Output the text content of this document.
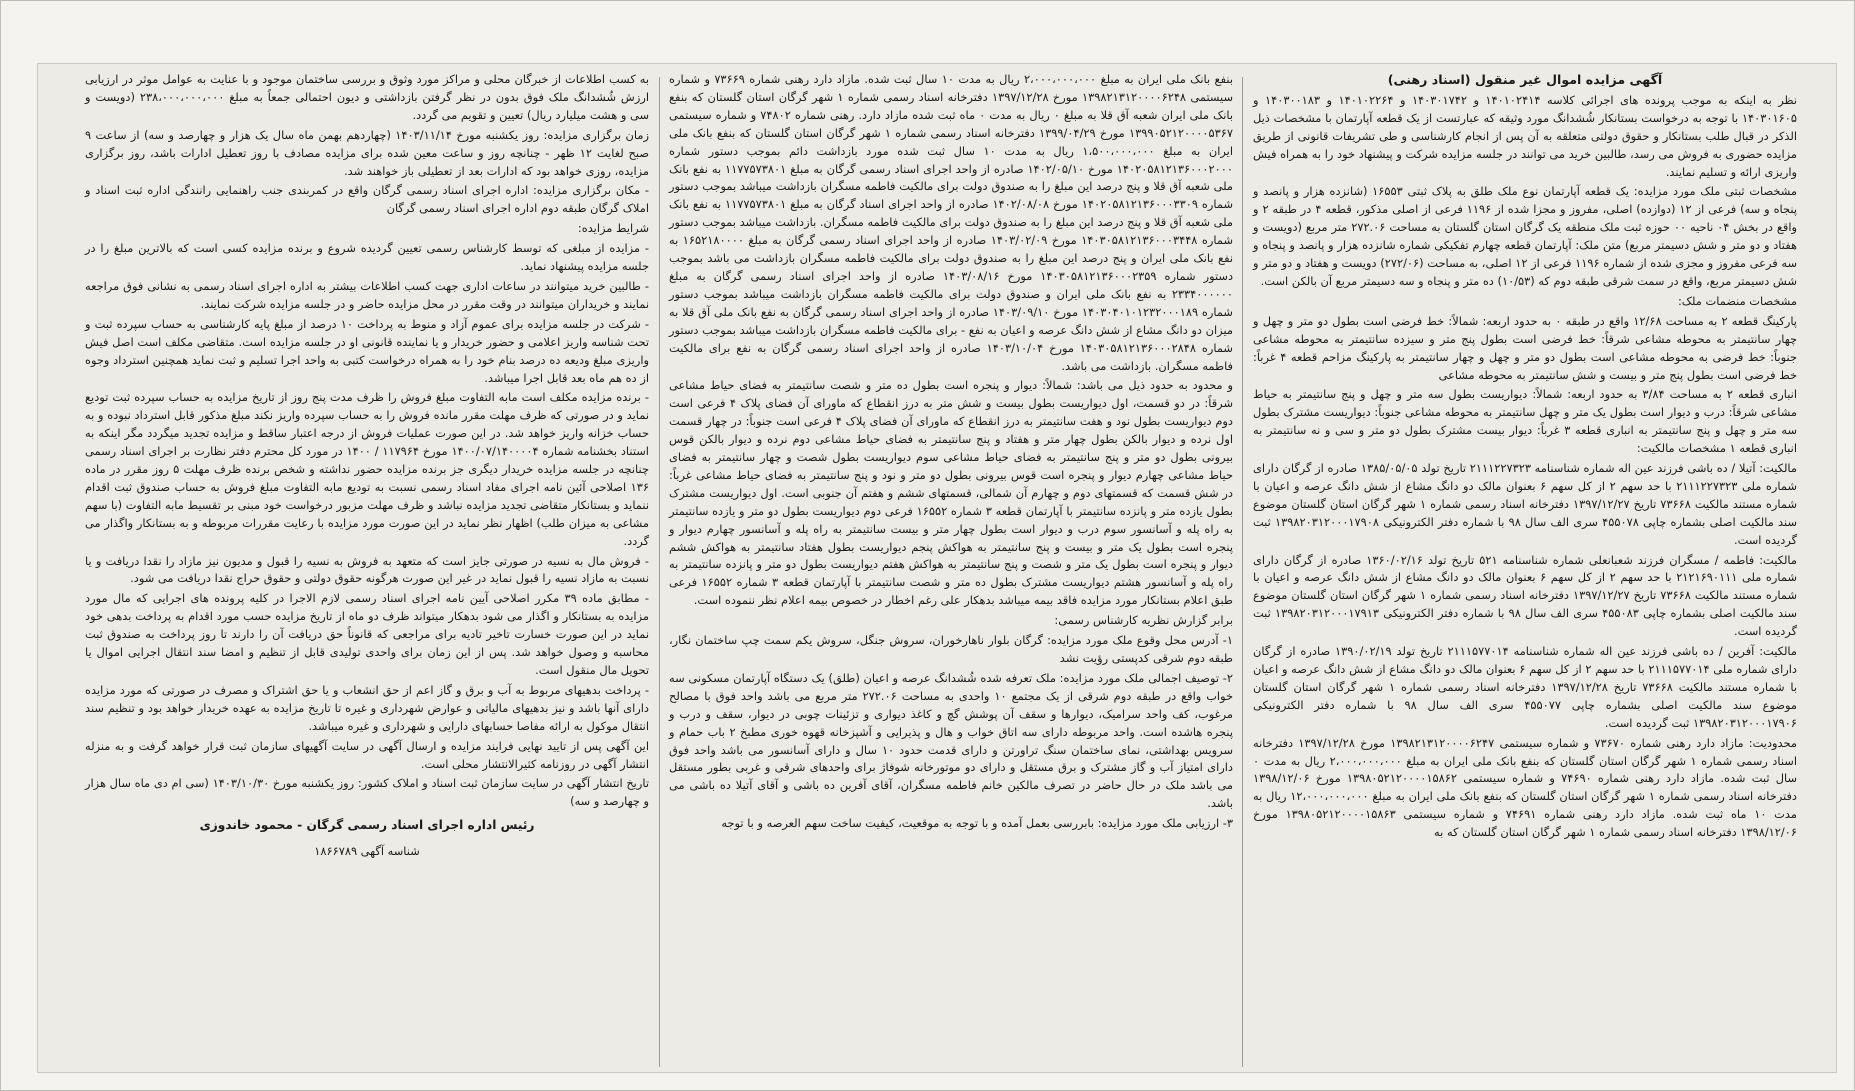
آگهی مزایده اموال غیر منقول (اسناد رهنی)
نظر به اینکه به موجب پرونده های اجرائی کلاسه ۱۴۰۱۰۲۴۱۴ و ۱۴۰۳۰۱۷۴۲ و ۱۴۰۱۰۲۲۶۴ و ۱۴۰۳۰۰۱۸۳ و ۱۴۰۳۰۱۶۰۵ با توجه به درخواست بستانکار شُشدانگ مورد وثیقه که عبارتست از یک قطعه آپارتمان با مشخصات ذیل الذکر در قبال طلب بستانکار و حقوق دولتی متعلقه به آن پس از انجام کارشناسی و طی تشریفات قانونی از طریق مزایده حضوری به فروش می رسد، طالبین خرید می توانند در جلسه مزایده شرکت و پیشنهاد خود را به همراه فیش واریزی ارائه و تسلیم نمایند.
مشخصات ثبتی ملک مورد مزایده: یک قطعه آپارتمان نوع ملک طلق به پلاک ثبتی ۱۶۵۵۳ (شانزده هزار و پانصد و پنجاه و سه) فرعی از ۱۲ (دوازده) اصلی، مفروز و مجزا شده از ۱۱۹۶ فرعی از اصلی مذکور، قطعه ۴ در طبقه ۲ و واقع در بخش ۰۴ ناحیه ۰۰ حوزه ثبت ملک منطقه یک گرگان استان گلستان به مساحت ۲۷۲.۰۶ متر مربع (دویست و هفتاد و دو متر و شش دسیمتر مربع) متن ملک: آپارتمان قطعه چهارم تفکیکی شماره شانزده هزار و پانصد و پنجاه و سه فرعی مفروز و مجزی شده از شماره ۱۱۹۶ فرعی از ۱۲ اصلی، به مساحت (۲۷۲/۰۶) دویست و هفتاد و دو متر و شش دسیمتر مربع، واقع در سمت شرقی طبقه دوم که (۱۰/۵۳) ده متر و پنجاه و سه دسیمتر مربع آن بالکن است.
مشخصات منضمات ملک:
پارکینگ قطعه ۲ به مساحت ۱۲/۶۸ واقع در طبقه ۰ به حدود اربعه: شمالاً: خط فرضی است بطول دو متر و چهل و چهار سانتیمتر به محوطه مشاعی شرقاً: خط فرضی است بطول پنج متر و سیزده سانتیمتر به محوطه مشاعی جنوباً: خط فرضی به محوطه مشاعی است بطول دو متر و چهل و چهار سانتیمتر به پارکینگ مزاحم قطعه ۴ غرباً: خط فرضی است بطول پنج متر و بیست و شش سانتیمتر به محوطه مشاعی
انباری قطعه ۲ به مساحت ۳/۸۴ به حدود اربعه: شمالاً: دیواریست بطول سه متر و چهل و پنج سانتیمتر به حیاط مشاعی شرقاً: درب و دیوار است بطول یک متر و چهل سانتیمتر به محوطه مشاعی جنوباً: دیواریست مشترک بطول سه متر و چهل و پنج سانتیمتر به انباری قطعه ۳ غرباً: دیوار بیست مشترک بطول دو متر و سی و نه سانتیمتر به انباری قطعه ۱ مشخصات مالکیت:
مالکیت: آتیلا / ده باشی فرزند عین اله شماره شناسنامه ۲۱۱۱۲۲۷۳۲۳ تاریخ تولد ۱۳۸۵/۰۵/۰۵ صادره از گرگان دارای شماره ملی ۲۱۱۱۲۲۷۳۲۳ با حد سهم ۲ از کل سهم ۶ بعنوان مالک دو دانگ مشاع از شش دانگ عرصه و اعیان با شماره مستند مالکیت ۷۳۶۶۸ تاریخ ۱۳۹۷/۱۲/۲۷ دفترخانه اسناد رسمی شماره ۱ شهر گرگان استان گلستان موضوع سند مالکیت اصلی بشماره چاپی ۴۵۵۰۷۸ سری الف سال ۹۸ با شماره دفتر الکترونیکی ۱۳۹۸۲۰۳۱۲۰۰۰۱۷۹۰۸ ثبت گردیده است.
مالکیت: فاطمه / مسگران فرزند شعبانعلی شماره شناسنامه ۵۲۱ تاریخ تولد ۱۳۶۰/۰۲/۱۶ صادره از گرگان دارای شماره ملی ۲۱۲۱۶۹۰۱۱۱ با حد سهم ۲ از کل سهم ۶ بعنوان مالک دو دانگ مشاع از شش دانگ عرصه و اعیان با شماره مستند مالکیت ۷۳۶۶۸ تاریخ ۱۳۹۷/۱۲/۲۷ دفترخانه اسناد رسمی شماره ۱ شهر گرگان استان گلستان موضوع سند مالکیت اصلی بشماره چاپی ۴۵۵۰۸۳ سری الف سال ۹۸ با شماره دفتر الکترونیکی ۱۳۹۸۲۰۳۱۲۰۰۰۱۷۹۱۳ ثبت گردیده است.
مالکیت: آفرین / ده باشی فرزند عین اله شماره شناسنامه ۲۱۱۱۵۷۷۰۱۴ تاریخ تولد ۱۳۹۰/۰۲/۱۹ صادره از گرگان دارای شماره ملی ۲۱۱۱۵۷۷۰۱۴ با حد سهم ۲ از کل سهم ۶ بعنوان مالک دو دانگ مشاع از شش دانگ عرصه و اعیان با شماره مستند مالکیت ۷۳۶۶۸ تاریخ ۱۳۹۷/۱۲/۲۸ دفترخانه اسناد رسمی شماره ۱ شهر گرگان استان گلستان موضوع سند مالکیت اصلی بشماره چاپی ۴۵۵۰۷۷ سری الف سال ۹۸ با شماره دفتر الکترونیکی ۱۳۹۸۲۰۳۱۲۰۰۰۱۷۹۰۶ ثبت گردیده است.
محدودیت: مازاد دارد رهنی شماره ۷۳۶۷۰ و شماره سیستمی ۱۳۹۸۲۱۳۱۲۰۰۰۰۶۲۴۷ مورخ ۱۳۹۷/۱۲/۲۸ دفترخانه اسناد رسمی شماره ۱ شهر گرگان استان گلستان که بنفع بانک ملی ایران به مبلغ ۲،۰۰۰،۰۰۰،۰۰۰ ریال به مدت ۰ سال ثبت شده. مازاد دارد رهنی شماره ۷۴۶۹۰ و شماره سیستمی ۱۳۹۸۰۵۲۱۲۰۰۰۰۱۵۸۶۲ مورخ ۱۳۹۸/۱۲/۰۶ دفترخانه اسناد رسمی شماره ۱ شهر گرگان استان گلستان که بنفع بانک ملی ایران به مبلغ ۱۲،۰۰۰،۰۰۰،۰۰۰ ریال به مدت ۱۰ ماه ثبت شده. مازاد دارد رهنی شماره ۷۴۶۹۱ و شماره سیستمی ۱۳۹۸۰۵۲۱۲۰۰۰۰۱۵۸۶۳ مورخ ۱۳۹۸/۱۲/۰۶ دفترخانه اسناد رسمی شماره ۱ شهر گرگان استان گلستان که به
بنفع بانک ملی ایران به مبلغ ۲،۰۰۰،۰۰۰،۰۰۰ ریال به مدت ۱۰ سال ثبت شده. مازاد دارد رهنی شماره ۷۳۶۶۹ و شماره سیستمی ۱۳۹۸۲۱۳۱۲۰۰۰۰۶۲۴۸ مورخ ۱۳۹۷/۱۲/۲۸ دفترخانه اسناد رسمی شماره ۱ شهر گرگان استان گلستان که بنفع بانک ملی ایران شعبه آق قلا به مبلغ ۰ ریال به مدت ۰ ماه ثبت شده مازاد دارد. رهنی شماره ۷۴۸۰۲ و شماره سیستمی ۱۳۹۹۰۵۲۱۲۰۰۰۰۵۳۶۷ مورخ ۱۳۹۹/۰۴/۲۹ دفترخانه اسناد رسمی شماره ۱ شهر گرگان استان گلستان که بنفع بانک ملی ایران به مبلغ ۱،۵۰۰،۰۰۰،۰۰۰ ریال به مدت ۱۰ سال ثبت شده مورد بازداشت دائم بموجب دستور شماره ۱۴۰۲۰۵۸۱۲۱۳۶۰۰۰۲۰۰۰ مورخ ۱۴۰۲/۰۵/۱۰ صادره از واحد اجرای اسناد رسمی گرگان به مبلغ ۱۱۷۷۵۷۳۸۰۱ به نفع بانک ملی شعبه آق قلا و پنج درصد این مبلغ را به صندوق دولت برای مالکیت فاطمه مسگران بازداشت میباشد بموجب دستور شماره ۱۴۰۲۰۵۸۱۲۱۳۶۰۰۰۳۳۰۹ مورخ ۱۴۰۲/۰۸/۰۸ صادره از واحد اجرای اسناد گرگان به مبلغ ۱۱۷۷۵۷۳۸۰۱ به نفع بانک ملی شعبه آق قلا و پنج درصد این مبلغ را به صندوق دولت برای مالکیت فاطمه مسگران. بازداشت میباشد بموجب دستور شماره ۱۴۰۳۰۵۸۱۲۱۳۶۰۰۰۳۴۴۸ مورخ ۱۴۰۳/۰۲/۰۹ صادره از واحد اجرای اسناد رسمی گرگان به مبلغ ۱۶۵۲۱۸۰۰۰۰ به نفع بانک ملی ایران و پنج درصد این مبلغ را به صندوق دولت برای مالکیت فاطمه مسگران بازداشت می باشد بموجب دستور شماره ۱۴۰۳۰۵۸۱۲۱۳۶۰۰۰۲۳۵۹ مورخ ۱۴۰۳/۰۸/۱۶ صادره از واحد اجرای اسناد رسمی گرگان به مبلغ ۲۳۳۴۰۰۰۰۰۰ به نفع بانک ملی ایران و صندوق دولت برای مالکیت فاطمه مسگران بازداشت میباشد بموجب دستور شماره ۱۴۰۳۰۴۰۱۰۱۲۳۲۰۰۰۱۸۹ مورخ ۱۴۰۳/۰۹/۱۰ صادره از واحد اجرای اسناد رسمی گرگان به نفع بانک ملی آق قلا به میزان دو دانگ مشاع از شش دانگ عرصه و اعیان به نفع - برای مالکیت فاطمه مسگران بازداشت میباشد بموجب دستور شماره ۱۴۰۳۰۵۸۱۲۱۳۶۰۰۰۲۸۴۸ مورخ ۱۴۰۳/۱۰/۰۴ صادره از واحد اجرای اسناد رسمی گرگان به نفع برای مالکیت فاطمه مسگران. بازداشت می باشد.
و محدود به حدود ذیل می باشد: شمالاً: دیوار و پنجره است بطول ده متر و شصت سانتیمتر به فضای حیاط مشاعی شرقاً: در دو قسمت، اول دیواریست بطول بیست و شش متر به درز انقطاع که ماورای آن فضای پلاک ۴ فرعی است دوم دیواریست بطول نود و هفت سانتیمتر به درز انقطاع که ماورای آن فضای پلاک ۴ فرعی است جنوباً: در چهار قسمت اول نرده و دیوار بالکن بطول چهار متر و هفتاد و پنج سانتیمتر به فضای حیاط مشاعی دوم نرده و دیوار بالکن قوس بیرونی بطول دو متر و پنج سانتیمتر به فضای حیاط مشاعی سوم دیواریست بطول شصت و چهار سانتیمتر به فضای حیاط مشاعی چهارم دیوار و پنجره است قوس بیرونی بطول دو متر و نود و پنج سانتیمتر به فضای حیاط مشاعی غرباً: در شش قسمت که قسمتهای دوم و چهارم آن شمالی، قسمتهای ششم و هفتم آن جنوبی است. اول دیواریست مشترک بطول یازده متر و پانزده سانتیمتر با آپارتمان قطعه ۳ شماره ۱۶۵۵۲ فرعی دوم دیواریست بطول دو متر و یازده سانتیمتر به راه پله و آسانسور سوم درب و دیوار است بطول چهار متر و بیست سانتیمتر به راه پله و آسانسور چهارم دیوار و پنجره است بطول یک متر و بیست و پنج سانتیمتر به هواکش پنجم دیواریست بطول هفتاد سانتیمتر به هواکش ششم دیوار و پنجره است بطول یک متر و شصت و پنج سانتیمتر به هواکش هفتم دیواریست بطول دو متر و پانزده سانتیمتر به راه پله و آسانسور هشتم دیواریست مشترک بطول ده متر و شصت سانتیمتر با آپارتمان قطعه ۳ شماره ۱۶۵۵۲ فرعی طبق اعلام بستانکار مورد مزایده فاقد بیمه میباشد بدهکار علی رغم اخطار در خصوص بیمه اعلام نظر ننموده است.
برابر گزارش نظریه کارشناس رسمی:
۱- آدرس محل وقوع ملک مورد مزایده: گرگان بلوار ناهارخوران، سروش جنگل، سروش یکم سمت چپ ساختمان نگار، طبقه دوم شرقی کدپستی رؤیت نشد
۲- توصیف اجمالی ملک مورد مزایده: ملک تعرفه شده شُشدانگ عرصه و اعیان (طلق) یک دستگاه آپارتمان مسکونی سه خواب واقع در طبقه دوم شرقی از یک مجتمع ۱۰ واحدی به مساحت ۲۷۲.۰۶ متر مربع می باشد واحد فوق با مصالح مرغوب، کف واحد سرامیک، دیوارها و سقف آن پوشش گچ و کاغذ دیواری و تزئینات چوبی در دیوار، سقف و درب و پنجره هاشده است. واحد مربوطه دارای سه اتاق خواب و هال و پذیرایی و آشپزخانه قهوه خوری مطبخ ۲ باب حمام و سرویس بهداشتی، نمای ساختمان سنگ تراورتن و دارای قدمت حدود ۱۰ سال و دارای آسانسور می باشد واحد فوق دارای امتیاز آب و گاز مشترک و برق مستقل و دارای دو موتورخانه شوفاژ برای واحدهای شرقی و غربی بطور مستقل می باشد ملک در حال حاضر در تصرف مالکین خانم فاطمه مسگران، آقای آفرین ده باشی و آقای آتیلا ده باشی می باشد.
۳- ارزیابی ملک مورد مزایده: بابررسی بعمل آمده و با توجه به موقعیت، کیفیت ساخت سهم العرصه و با توجه
به کسب اطلاعات از خبرگان محلی و مراکز مورد وثوق و بررسی ساختمان موجود و با عنایت به عوامل موثر در ارزیابی ارزش شُشدانگ ملک فوق بدون در نظر گرفتن بازداشتی و دیون احتمالی جمعاً به مبلغ ۲۳۸،۰۰۰،۰۰۰،۰۰۰ (دویست و سی و هشت میلیارد ریال) تعیین و تقویم می گردد.
زمان برگزاری مزایده: روز یکشنبه مورخ ۱۴۰۳/۱۱/۱۴ (چهاردهم بهمن ماه سال یک هزار و چهارصد و سه) از ساعت ۹ صبح لغایت ۱۲ ظهر - چنانچه روز و ساعت معین شده برای مزایده مصادف با روز تعطیل ادارات باشد، روز برگزاری مزایده، روزی خواهد بود که ادارات بعد از تعطیلی باز خواهند شد.
- مکان برگزاری مزایده: اداره اجرای اسناد رسمی گرگان واقع در کمربندی جنب راهنمایی رانندگی اداره ثبت اسناد و املاک گرگان طبقه دوم اداره اجرای اسناد رسمی گرگان
شرایط مزایده:
- مزایده از مبلغی که توسط کارشناس رسمی تعیین گردیده شروع و برنده مزایده کسی است که بالاترین مبلغ را در جلسه مزایده پیشنهاد نماید.
- طالبین خرید میتوانند در ساعات اداری جهت کسب اطلاعات بیشتر به اداره اجرای اسناد رسمی به نشانی فوق مراجعه نمایند و خریداران میتوانند در وقت مقرر در محل مزایده حاضر و در جلسه مزایده شرکت نمایند.
- شرکت در جلسه مزایده برای عموم آزاد و منوط به پرداخت ۱۰ درصد از مبلغ پایه کارشناسی به حساب سپرده ثبت و تحت شناسه واریز اعلامی و حضور خریدار و یا نماینده قانونی او در جلسه مزایده است. متقاضی مکلف است اصل فیش واریزی مبلغ ودیعه ده درصد بنام خود را به همراه درخواست کتبی به واحد اجرا تسلیم و ثبت نماید همچنین استرداد وجوه از ده هم ماه بعد قابل اجرا میباشد.
- برنده مزایده مکلف است مابه التفاوت مبلغ فروش را ظرف مدت پنج روز از تاریخ مزایده به حساب سپرده ثبت تودیع نماید و در صورتی که ظرف مهلت مقرر مانده فروش را به حساب سپرده واریز نکند مبلغ مذکور قابل استرداد نبوده و به حساب خزانه واریز خواهد شد. در این صورت عملیات فروش از درجه اعتبار ساقط و مزایده تجدید میگردد مگر اینکه به استناد بخشنامه شماره ۱۴۰۰/۰۷/۱۴۰۰۰۰۴ مورخ ۱۱۷۹۶۴ / ۱۴۰۰ در مورد کل محترم دفتر نظارت بر اجرای اسناد رسمی چنانچه در جلسه مزایده خریدار دیگری جز برنده مزایده حضور نداشته و شخص برنده ظرف مهلت ۵ روز مقرر در ماده ۱۳۶ اصلاحی آئین نامه اجرای مفاد اسناد رسمی نسبت به تودیع مابه التفاوت مبلغ فروش به حساب صندوق ثبت اقدام ننماید و بستانکار متقاضی تجدید مزایده نباشد و ظرف مهلت مزبور درخواست خود مبنی بر تقسیط مابه التفاوت (با سهم مشاعی به میزان طلب) اظهار نظر نماید در این صورت مورد مزایده با رعایت مقررات مربوطه و به بستانکار واگذار می گردد.
- فروش مال به نسیه در صورتی جایز است که متعهد به فروش به نسیه را قبول و مدیون نیز مازاد را نقدا دریافت و یا نسبت به مازاد نسیه را قبول نماید در غیر این صورت هرگونه حقوق دولتی و حقوق حراج نقدا دریافت می شود.
- مطابق ماده ۳۹ مکرر اصلاحی آیین نامه اجرای اسناد رسمی لازم الاجرا در کلیه پرونده های اجرایی که مال مورد مزایده به بستانکار و اگذار می شود بدهکار میتواند ظرف دو ماه از تاریخ مزایده حسب مورد اقدام به پرداخت بدهی خود نماید در این صورت خسارت تاخیر تادیه برای مراجعی که قانوناً حق دریافت آن را دارند تا روز پرداخت به صندوق ثبت محاسبه و وصول خواهد شد. پس از این زمان برای واحدی تولیدی قابل از تنظیم و امضا سند انتقال اجرایی اموال یا تحویل مال منقول است.
- پرداخت بدهیهای مربوط به آب و برق و گاز اعم از حق انشعاب و یا حق اشتراک و مصرف در صورتی که مورد مزایده دارای آنها باشد و نیز بدهیهای مالیاتی و عوارض شهرداری و غیره تا تاریخ مزایده به عهده خریدار خواهد بود و تنظیم سند انتقال موکول به ارائه مفاصا حسابهای دارایی و شهرداری و غیره میباشد.
این آگهی پس از تایید نهایی فرایند مزایده و ارسال آگهی در سایت آگهیهای سازمان ثبت قرار خواهد گرفت و به منزله انتشار آگهی در روزنامه کثیرالانتشار محلی است.
تاریخ انتشار آگهی در سایت سازمان ثبت اسناد و املاک کشور: روز یکشنبه مورخ ۱۴۰۳/۱۰/۳۰ (سی ام دی ماه سال هزار و چهارصد و سه)
رئیس اداره اجرای اسناد رسمی گرگان - محمود خاندوزی
شناسه آگهی ۱۸۶۶۷۸۹
